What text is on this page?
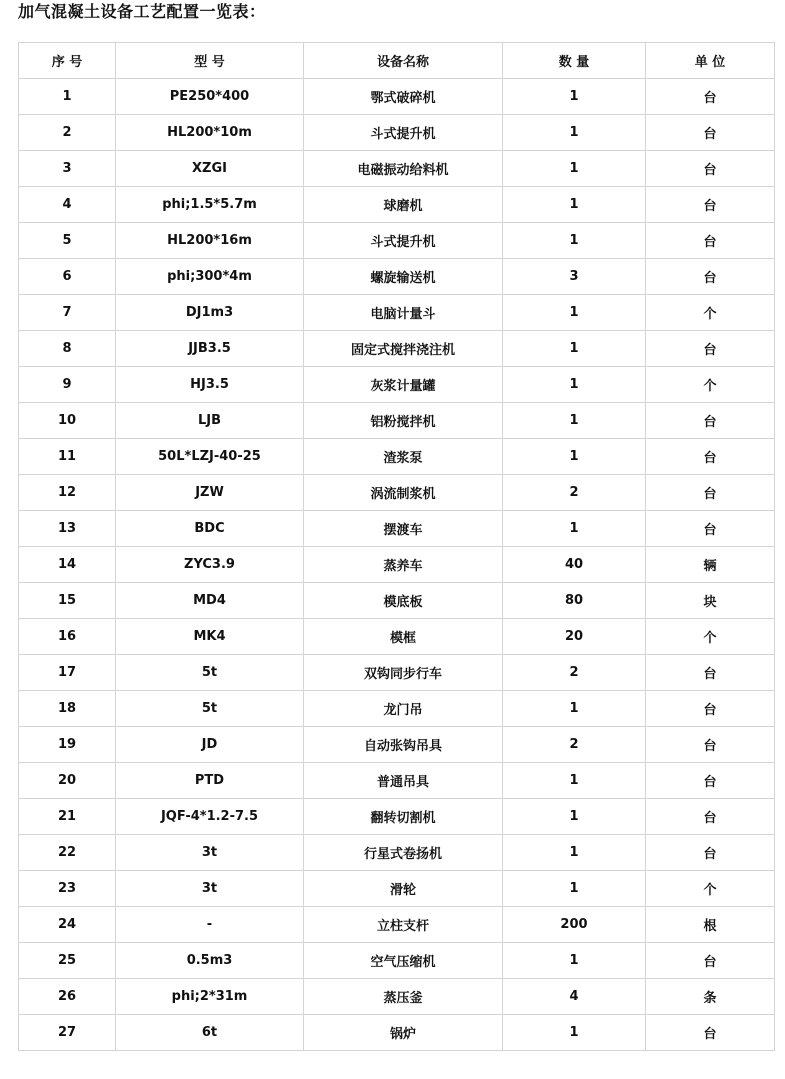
加气混凝土设备工艺配置一览表：
序 号	型 号	设备名称	数 量	单 位
1	PE250*400	鄂式破碎机	1	台
2	HL200*10m	斗式提升机	1	台
3	XZGI	电磁振动给料机	1	台
4	phi;1.5*5.7m	球磨机	1	台
5	HL200*16m	斗式提升机	1	台
6	phi;300*4m	螺旋输送机	3	台
7	DJ1m3	电脑计量斗	1	个
8	JJB3.5	固定式搅拌浇注机	1	台
9	HJ3.5	灰浆计量罐	1	个
10	LJB	铝粉搅拌机	1	台
11	50L*LZJ-40-25	渣浆泵	1	台
12	JZW	涡流制浆机	2	台
13	BDC	摆渡车	1	台
14	ZYC3.9	蒸养车	40	辆
15	MD4	模底板	80	块
16	MK4	模框	20	个
17	5t	双钩同步行车	2	台
18	5t	龙门吊	1	台
19	JD	自动张钩吊具	2	台
20	PTD	普通吊具	1	台
21	JQF-4*1.2-7.5	翻转切割机	1	台
22	3t	行星式卷扬机	1	台
23	3t	滑轮	1	个
24	-	立柱支杆	200	根
25	0.5m3	空气压缩机	1	台
26	phi;2*31m	蒸压釜	4	条
27	6t	锅炉	1	台
